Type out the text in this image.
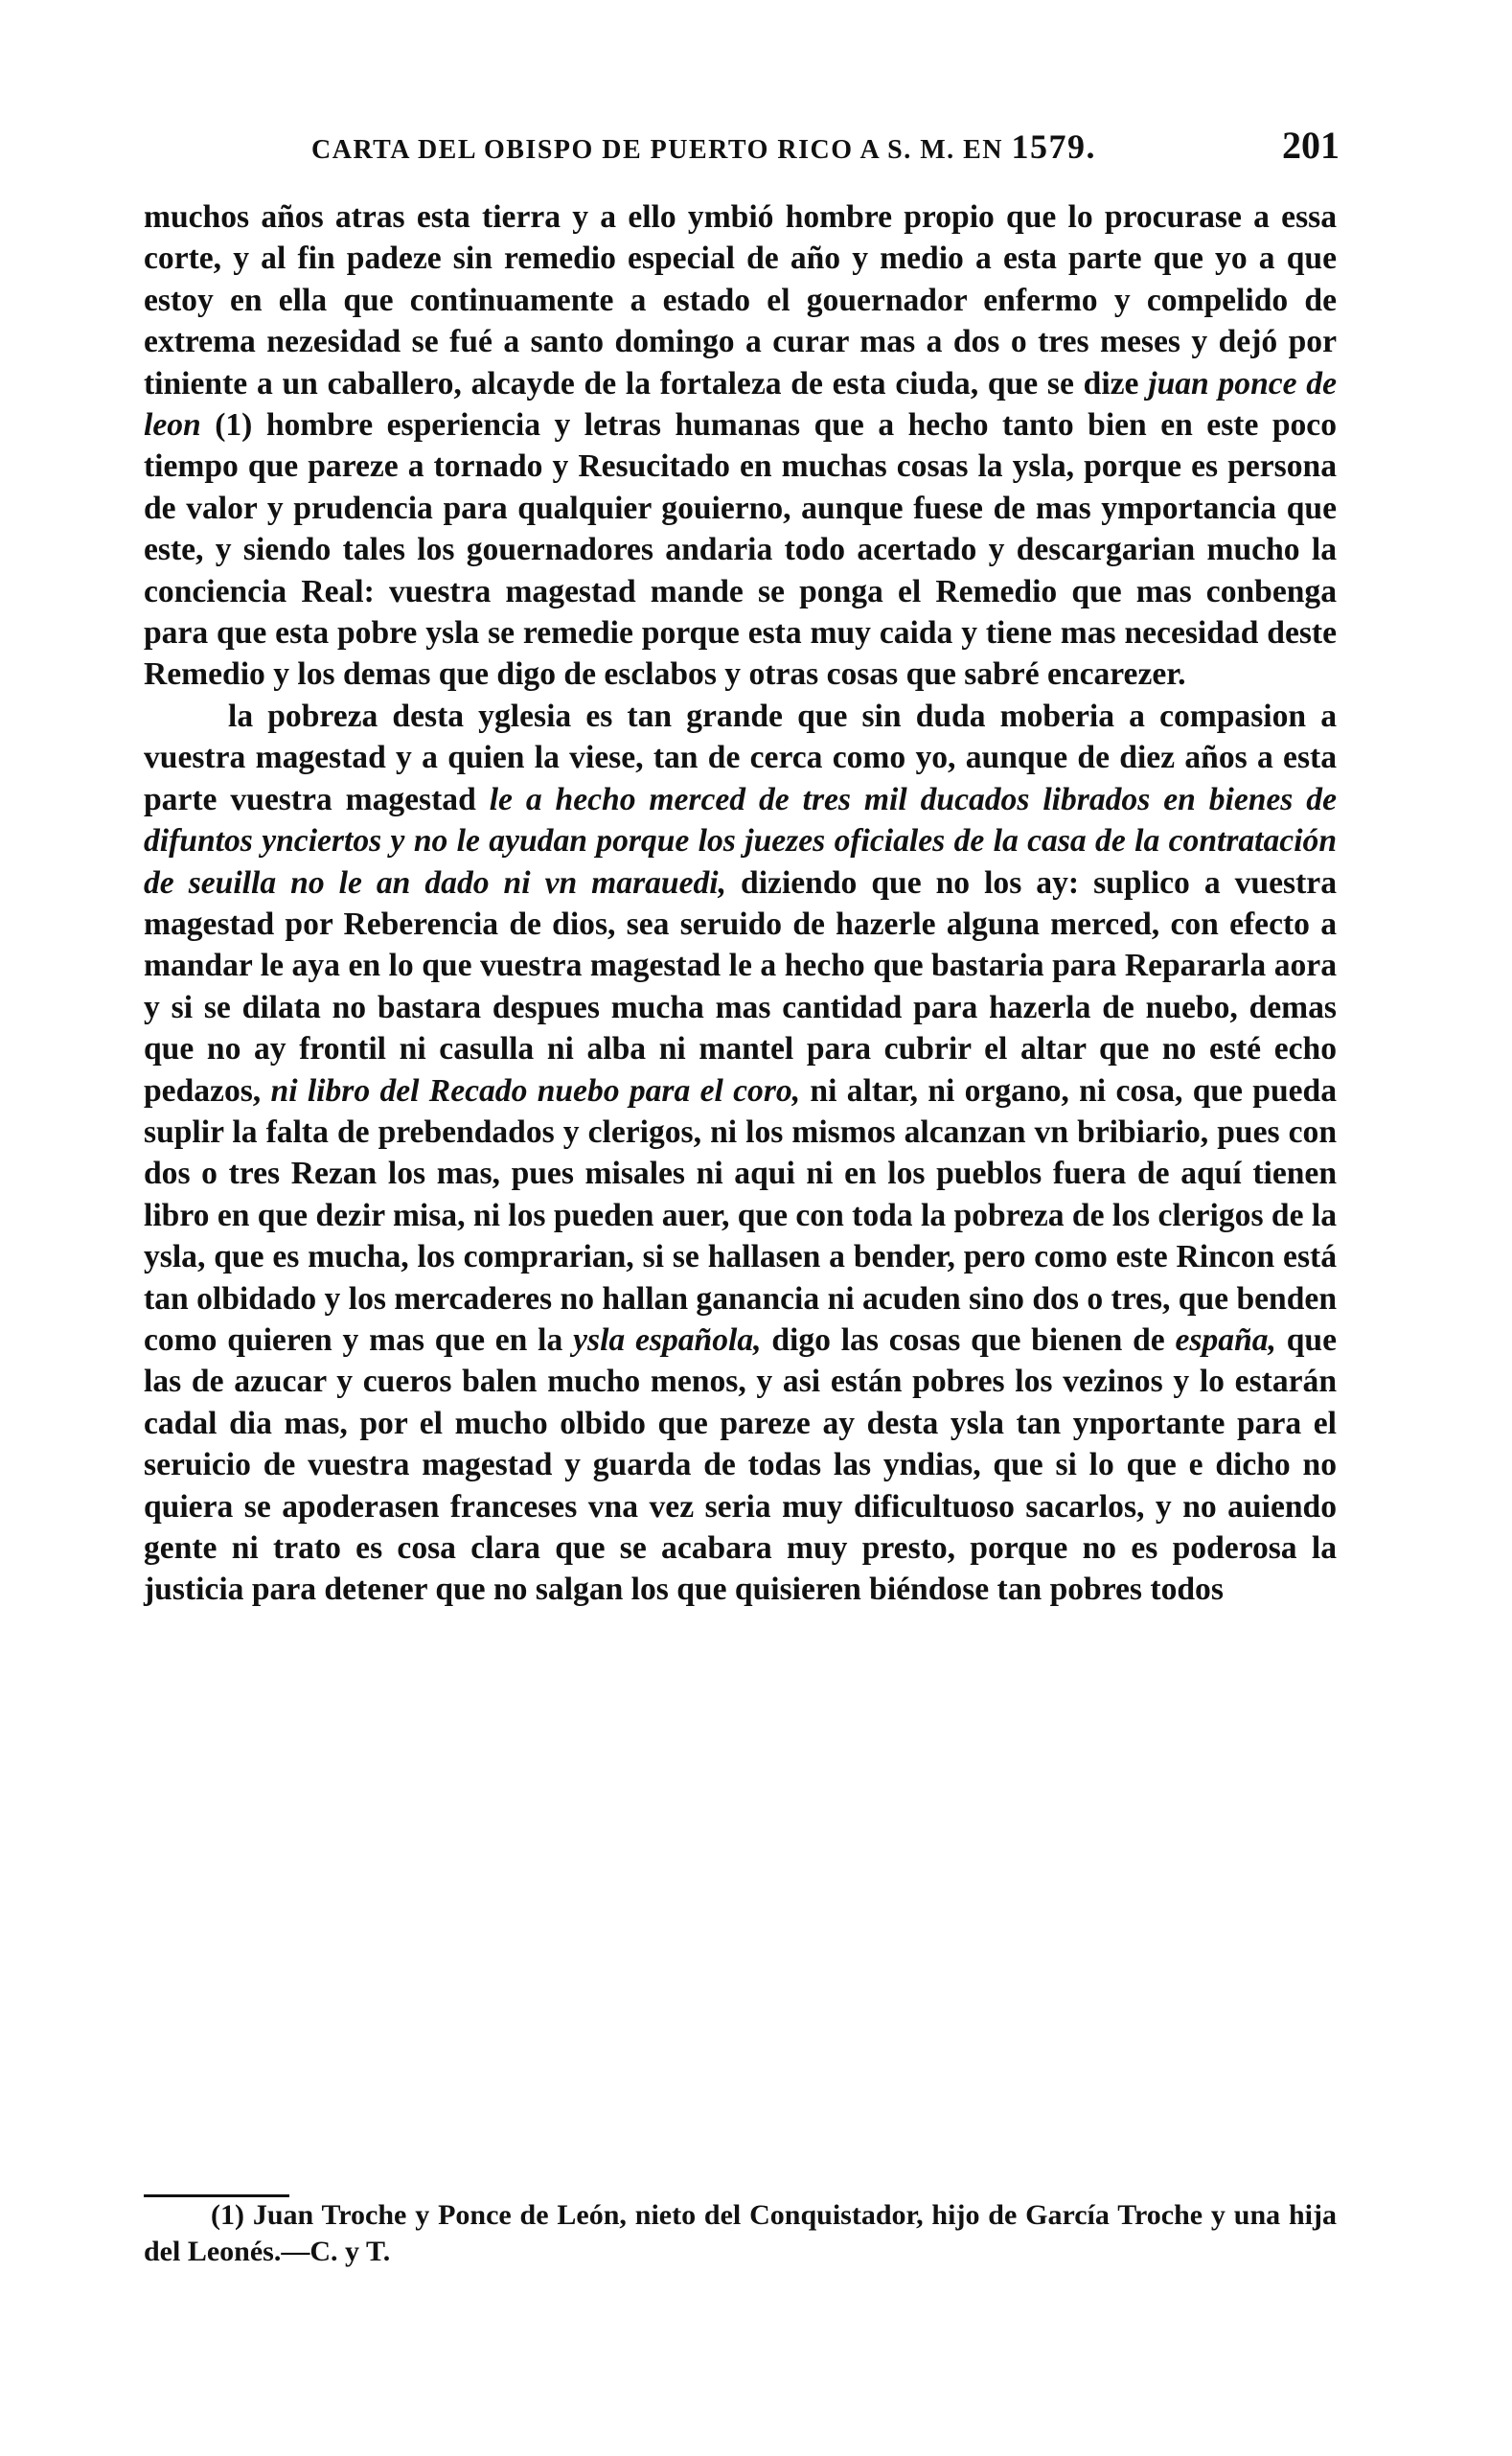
CARTA DEL OBISPO DE PUERTO RICO A S. M. EN 1579.	201

muchos años atras esta tierra y a ello ymbió hombre propio que lo procurase a essa corte, y al fin padeze sin remedio especial de año y medio a esta parte que yo a que estoy en ella que continuamente a estado el gouernador enfermo y compelido de extrema nezesidad se fué a santo domingo a curar mas a dos o tres meses y dejó por tiniente a un caballero, alcayde de la fortaleza de esta ciuda, que se dize juan ponce de leon (1) hombre esperiencia y letras humanas que a hecho tanto bien en este poco tiempo que pareze a tornado y Resucitado en muchas cosas la ysla, porque es persona de valor y prudencia para qualquier gouierno, aunque fuese de mas ymportancia que este, y siendo tales los gouernadores andaria todo acertado y descargarian mucho la conciencia Real: vuestra magestad mande se ponga el Remedio que mas conbenga para que esta pobre ysla se remedie porque esta muy caida y tiene mas necesidad deste Remedio y los demas que digo de esclabos y otras cosas que sabré encarezer.

la pobreza desta yglesia es tan grande que sin duda moberia a compasion a vuestra magestad y a quien la viese, tan de cerca como yo, aunque de diez años a esta parte vuestra magestad le a hecho merced de tres mil ducados librados en bienes de difuntos ynciertos y no le ayudan porque los juezes oficiales de la casa de la contratación de seuilla no le an dado ni vn marauedi, diziendo que no los ay: suplico a vuestra magestad por Reberencia de dios, sea seruido de hazerle alguna merced, con efecto a mandar le aya en lo que vuestra magestad le a hecho que bastaria para Repararla aora y si se dilata no bastara despues mucha mas cantidad para hazerla de nuebo, demas que no ay frontil ni casulla ni alba ni mantel para cubrir el altar que no esté echo pedazos, ni libro del Recado nuebo para el coro, ni altar, ni organo, ni cosa, que pueda suplir la falta de prebendados y clerigos, ni los mismos alcanzan vn bribiario, pues con dos o tres Rezan los mas, pues misales ni aqui ni en los pueblos fuera de aquí tienen libro en que dezir misa, ni los pueden auer, que con toda la pobreza de los clerigos de la ysla, que es mucha, los comprarian, si se hallasen a bender, pero como este Rincon está tan olbidado y los mercaderes no hallan ganancia ni acuden sino dos o tres, que benden como quieren y mas que en la ysla española, digo las cosas que bienen de españa, que las de azucar y cueros balen mucho menos, y asi están pobres los vezinos y lo estarán cadal dia mas, por el mucho olbido que pareze ay desta ysla tan ynportante para el seruicio de vuestra magestad y guarda de todas las yndias, que si lo que e dicho no quiera se apoderasen franceses vna vez seria muy dificultuoso sacarlos, y no auiendo gente ni trato es cosa clara que se acabara muy presto, porque no es poderosa la justicia para detener que no salgan los que quisieren biéndose tan pobres todos

(1) Juan Troche y Ponce de León, nieto del Conquistador, hijo de García Troche y una hija del Leonés.—C. y T.
